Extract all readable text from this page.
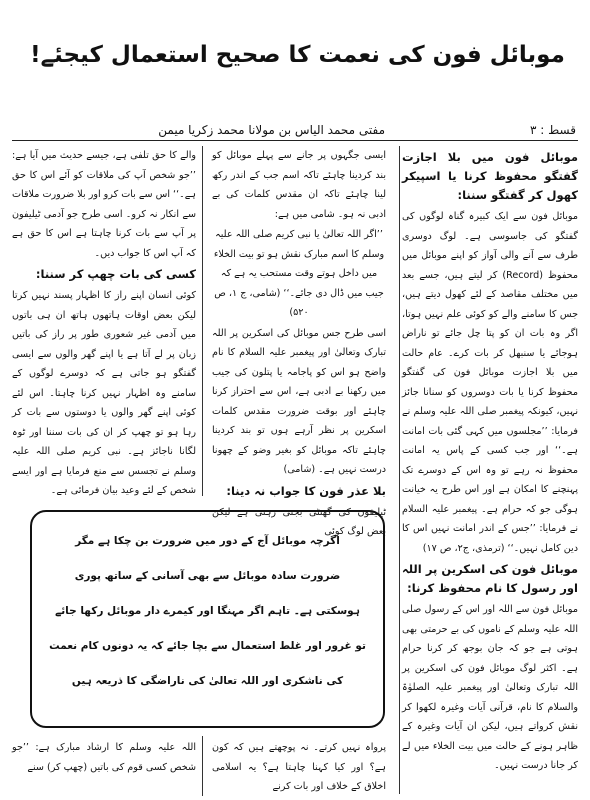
موبائل فون کی نعمت کا صحیح استعمال کیجئے!
قسط : ۳
مفتی محمد الیاس بن مولانا محمد زکریا میمن

موبائل فون میں بلا اجازت گفتگو محفوظ کرنا یا اسپیکر کھول کر گفتگو سننا:

موبائل فون سے ایک کبیرہ گناہ لوگوں کی گفتگو کی جاسوسی ہے۔ لوگ دوسری طرف سے آنے والی آواز کو اپنے موبائل میں محفوظ (Record) کر لیتے ہیں، جسے بعد میں مختلف مقاصد کے لئے کھول دیتے ہیں، جس کا سامنے والے کو کوئی علم نہیں ہوتا، اگر وہ بات ان کو پتا چل جائے تو ناراض ہوجائے یا سنبھل کر بات کرے۔ عام حالت میں بلا اجازت موبائل فون کی گفتگو محفوظ کرنا یا بات دوسروں کو سنانا جائز نہیں، کیونکہ پیغمبر صلی اللہ علیہ وسلم نے فرمایا: ’’مجلسوں میں کہی گئی بات امانت ہے۔‘‘ اور جب کسی کے پاس یہ امانت محفوظ نہ رہے تو وہ اس کے دوسرے تک پہنچنے کا امکان ہے اور اس طرح یہ خیانت ہوگی جو کہ حرام ہے۔ پیغمبر علیہ السلام نے فرمایا: ’’جس کے اندر امانت نہیں اس کا دین کامل نہیں۔‘‘ (ترمذی، ج۲، ص ۱۷)

موبائل فون کی اسکرین پر اللہ اور رسول کا نام محفوظ کرنا:

موبائل فون سے اللہ اور اس کے رسول صلی اللہ علیہ وسلم کے ناموں کی بے حرمتی بھی ہوتی ہے جو کہ جان بوجھ کر کرنا حرام ہے۔ اکثر لوگ موبائل فون کی اسکرین پر اللہ تبارک وتعالیٰ اور پیغمبر علیہ الصلوٰۃ والسلام کا نام، قرآنی آیات وغیرہ لکھوا کر نقش کرواتے ہیں، لیکن ان آیات وغیرہ کے ظاہر ہونے کے حالت میں بیت الخلاء میں لے کر جانا درست نہیں۔

ایسی جگہوں پر جانے سے پہلے موبائل کو بند کردینا چاہئے تاکہ اسم جب کے اندر رکھ لینا چاہئے تاکہ ان مقدس کلمات کی بے ادبی نہ ہو۔ شامی میں ہے:

’’اگر اللہ تعالیٰ یا نبی کریم صلی اللہ علیہ وسلم کا اسم مبارک نقش ہو تو بیت الخلاء میں داخل ہوتے وقت مستحب یہ ہے کہ جیب میں ڈال دی جائے۔‘‘ (شامی، ج ۱، ص ۵۲۰)

اسی طرح جس موبائل کی اسکرین پر اللہ تبارک وتعالیٰ اور پیغمبر علیہ السلام کا نام واضح ہو اس کو پاجامہ یا پتلون کی جیب میں رکھنا بے ادبی ہے، اس سے احتراز کرنا چاہئے اور بوقت ضرورت مقدس کلمات اسکرین پر نظر آرہے ہوں تو بند کردینا چاہئے تاکہ موبائل کو بغیر وضو کے چھونا درست نہیں ہے۔ (شامی)

بلا عذر فون کا جواب نہ دینا:

ٹیلیفون کی گھنٹی بجتی رہتی ہے لیکن بعض لوگ کوئی

والے کا حق تلفی ہے، جیسے حدیث میں آیا ہے: ’’جو شخص آپ کی ملاقات کو آئے اس کا حق ہے۔‘‘ اس سے بات کرو اور بلا ضرورت ملاقات سے انکار نہ کرو۔ اسی طرح جو آدمی ٹیلیفون پر آپ سے بات کرنا چاہتا ہے اس کا حق ہے کہ آپ اس کا جواب دیں۔

کسی کی بات چھپ کر سننا:

کوئی انسان اپنے راز کا اظہار پسند نہیں کرتا لیکن بعض اوقات ہاتھوں ہاتھ ان ہی باتوں میں آدمی غیر شعوری طور پر راز کی باتیں زبان پر لے آتا ہے یا اپنے گھر والوں سے ایسی گفتگو ہو جاتی ہے کہ دوسرے لوگوں کے سامنے وہ اظہار نہیں کرنا چاہتا۔ اس لئے کوئی اپنے گھر والوں یا دوستوں سے بات کر رہا ہو تو چھپ کر ان کی بات سننا اور ٹوہ لگانا ناجائز ہے۔ نبی کریم صلی اللہ علیہ وسلم نے تجسس سے منع فرمایا ہے اور ایسے شخص کے لئے وعید بیان فرمائی ہے۔

اگرچہ موبائل آج کے دور میں ضرورت بن چکا ہے مگر
ضرورت سادہ موبائل سے بھی آسانی کے ساتھ پوری
ہوسکتی ہے۔ تاہم اگر مہنگا اور کیمرے دار موبائل رکھا جائے
تو غرور اور غلط استعمال سے بچا جائے کہ یہ دونوں کام نعمت
کی ناشکری اور اللہ تعالیٰ کی ناراضگی کا ذریعہ ہیں

پرواہ نہیں کرتے۔ نہ پوچھتے ہیں کہ کون ہے؟ اور کیا کہنا چاہتا ہے؟ یہ اسلامی اخلاق کے خلاف اور بات کرنے

اللہ علیہ وسلم کا ارشاد مبارک ہے: ’’جو شخص کسی قوم کی باتیں (چھپ کر) سنے
